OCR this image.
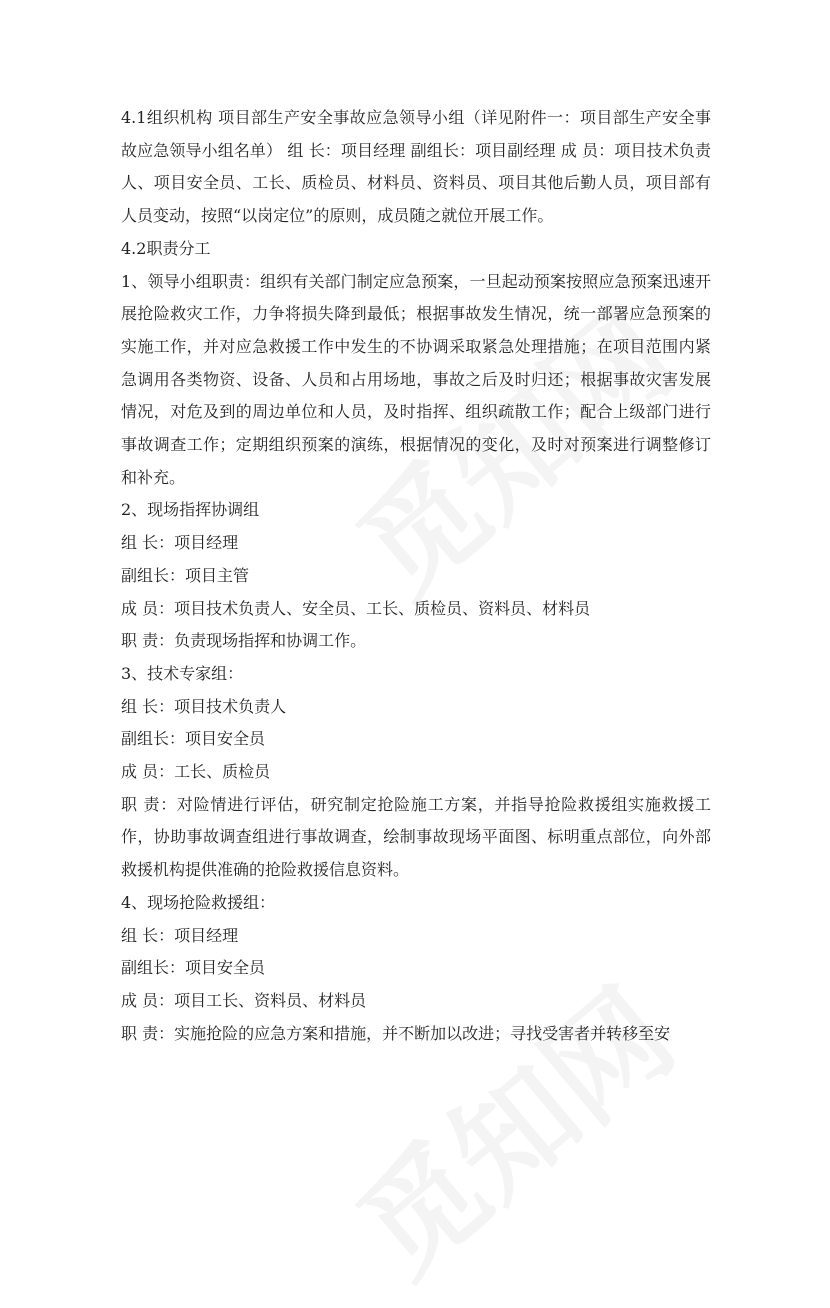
4.1组织机构 项目部生产安全事故应急领导小组（详见附件一：项目部生产安全事故应急领导小组名单） 组 长：项目经理 副组长：项目副经理 成 员：项目技术负责人、项目安全员、工长、质检员、材料员、资料员、项目其他后勤人员，项目部有人员变动，按照“以岗定位”的原则，成员随之就位开展工作。

4.2职责分工

1、领导小组职责：组织有关部门制定应急预案，一旦起动预案按照应急预案迅速开展抢险救灾工作，力争将损失降到最低；根据事故发生情况，统一部署应急预案的实施工作，并对应急救援工作中发生的不协调采取紧急处理措施；在项目范围内紧急调用各类物资、设备、人员和占用场地，事故之后及时归还；根据事故灾害发展情况，对危及到的周边单位和人员，及时指挥、组织疏散工作；配合上级部门进行事故调查工作；定期组织预案的演练，根据情况的变化，及时对预案进行调整修订和补充。

2、现场指挥协调组

组 长：项目经理

副组长：项目主管

成 员：项目技术负责人、安全员、工长、质检员、资料员、材料员

职 责：负责现场指挥和协调工作。

3、技术专家组：

组 长：项目技术负责人

副组长：项目安全员

成 员：工长、质检员

职 责：对险情进行评估，研究制定抢险施工方案，并指导抢险救援组实施救援工作，协助事故调查组进行事故调查，绘制事故现场平面图、标明重点部位，向外部救援机构提供准确的抢险救援信息资料。

4、现场抢险救援组：

组 长：项目经理

副组长：项目安全员

成 员：项目工长、资料员、材料员

职 责：实施抢险的应急方案和措施，并不断加以改进；寻找受害者并转移至安
